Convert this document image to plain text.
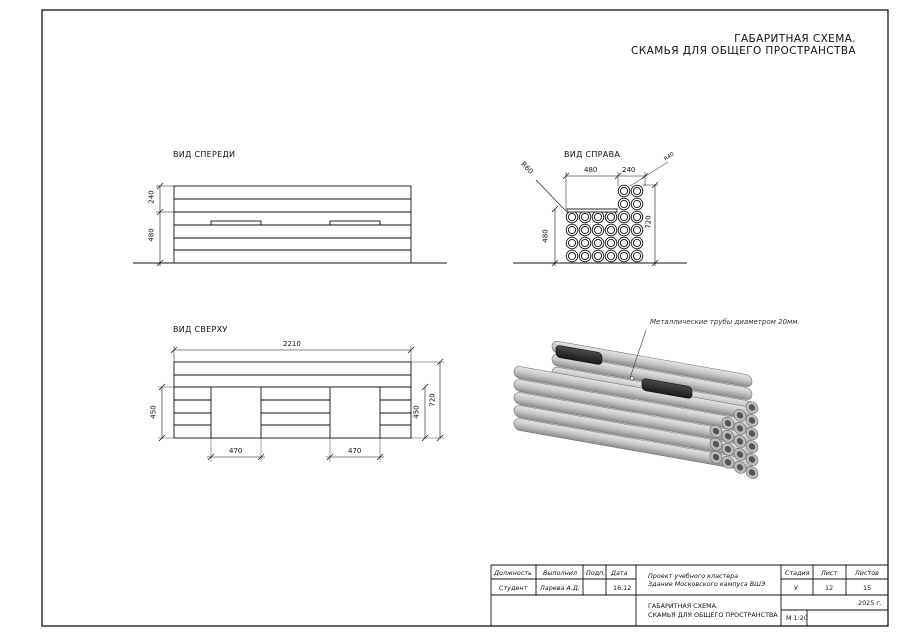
ГАБАРИТНАЯ СХЕМА.
СКАМЬЯ ДЛЯ ОБЩЕГО ПРОСТРАНСТВА
ВИД СПЕРЕДИ	ВИД СПРАВА
ВИД СВЕРХУ
240
480
R60	480	240
R40
720
480
2210
450	450
720
470	470
Металлические трубы диаметром 20мм.
Должность Выполнил Подп. Дата
Студент Ларева А.Д.	16.12
Проект учебного кластера
Здание Московского кампуса ВШЭ
ГАБАРИТНАЯ СХЕМА.
СКАМЬЯ ДЛЯ ОБЩЕГО ПРОСТРАНСТВА
Стадия Лист	Листов
У	12	15
2025 г.
М 1:20
